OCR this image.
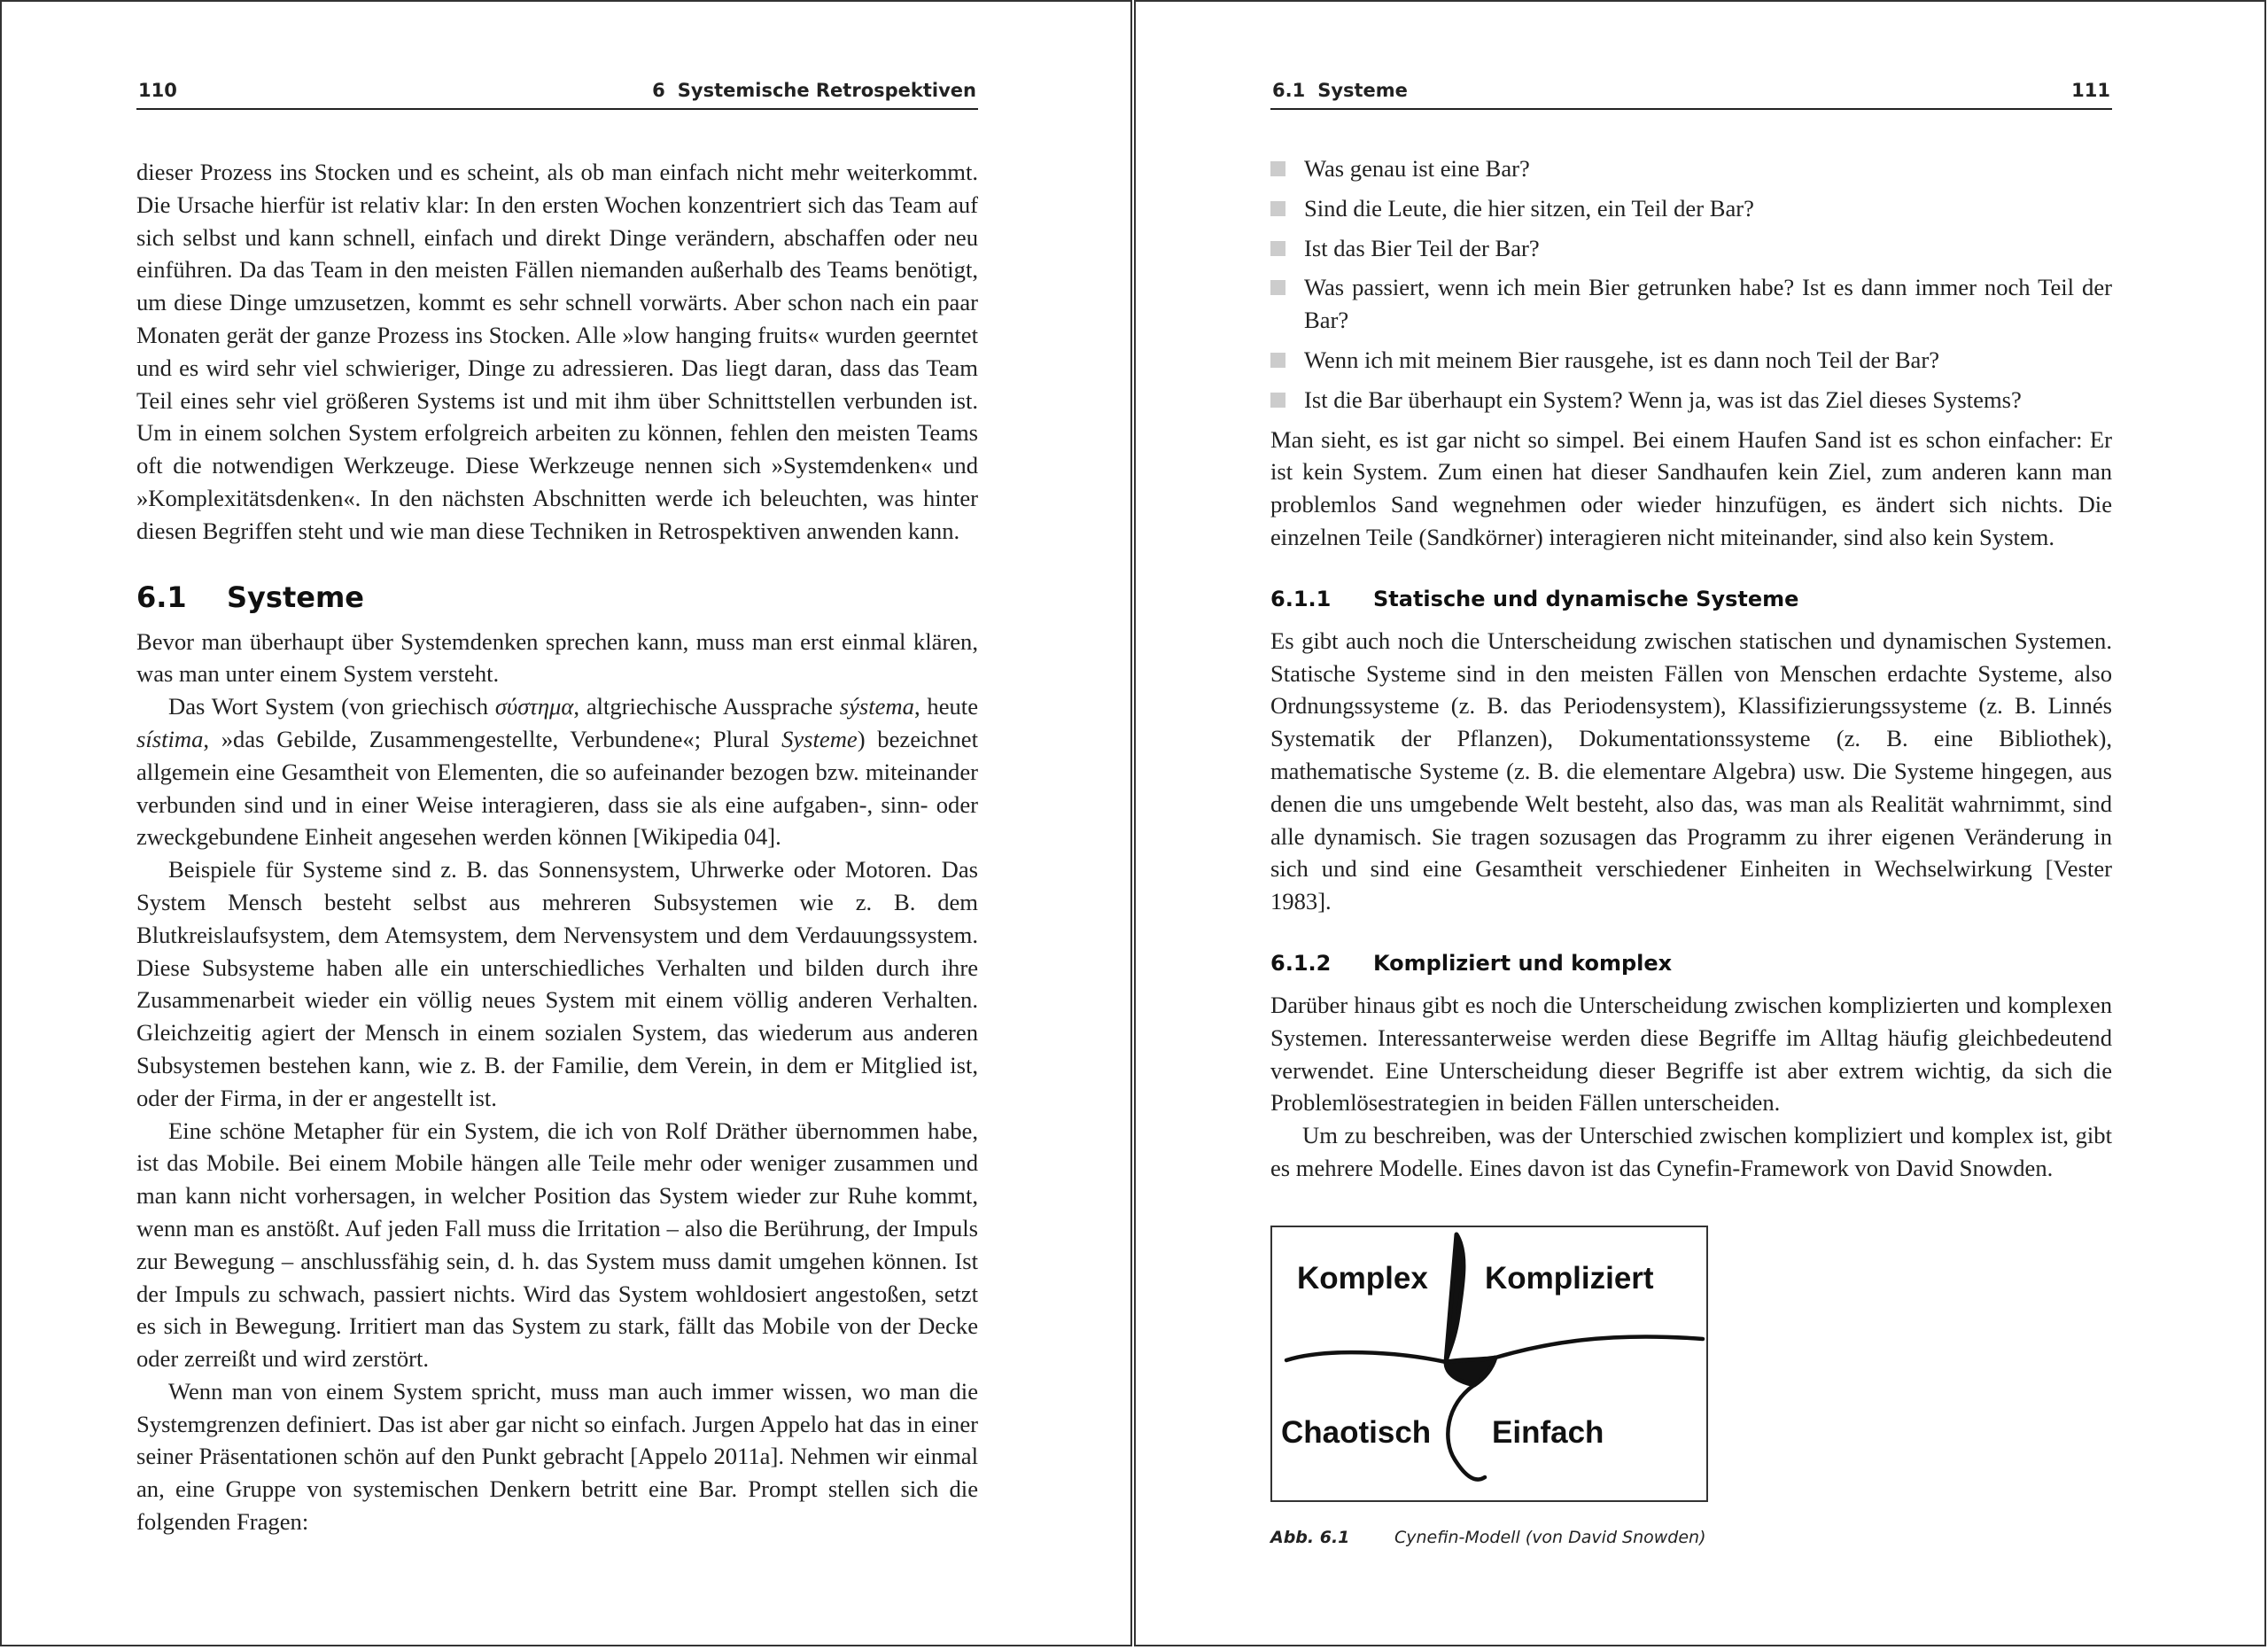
110	6 Systemische Retrospektiven

dieser Prozess ins Stocken und es scheint, als ob man einfach nicht mehr weiterkommt. Die Ursache hierfür ist relativ klar: In den ersten Wochen konzentriert sich das Team auf sich selbst und kann schnell, einfach und direkt Dinge verändern, abschaffen oder neu einführen. Da das Team in den meisten Fällen niemanden außerhalb des Teams benötigt, um diese Dinge umzusetzen, kommt es sehr schnell vorwärts. Aber schon nach ein paar Monaten gerät der ganze Prozess ins Stocken. Alle »low hanging fruits« wurden geerntet und es wird sehr viel schwieriger, Dinge zu adressieren. Das liegt daran, dass das Team Teil eines sehr viel größeren Systems ist und mit ihm über Schnittstellen verbunden ist. Um in einem solchen System erfolgreich arbeiten zu können, fehlen den meisten Teams oft die notwendigen Werkzeuge. Diese Werkzeuge nennen sich »Systemdenken« und »Komplexitätsdenken«. In den nächsten Abschnitten werde ich beleuchten, was hinter diesen Begriffen steht und wie man diese Techniken in Retrospektiven anwenden kann.

6.1 Systeme

Bevor man überhaupt über Systemdenken sprechen kann, muss man erst einmal klären, was man unter einem System versteht.

Das Wort System (von griechisch σύστημα, altgriechische Aussprache sýstema, heute sístima, »das Gebilde, Zusammengestellte, Verbundene«; Plural Systeme) bezeichnet allgemein eine Gesamtheit von Elementen, die so aufeinander bezogen bzw. miteinander verbunden sind und in einer Weise interagieren, dass sie als eine aufgaben-, sinn- oder zweckgebundene Einheit angesehen werden können [Wikipedia 04].

Beispiele für Systeme sind z. B. das Sonnensystem, Uhrwerke oder Motoren. Das System Mensch besteht selbst aus mehreren Subsystemen wie z. B. dem Blutkreislaufsystem, dem Atemsystem, dem Nervensystem und dem Verdauungssystem. Diese Subsysteme haben alle ein unterschiedliches Verhalten und bilden durch ihre Zusammenarbeit wieder ein völlig neues System mit einem völlig anderen Verhalten. Gleichzeitig agiert der Mensch in einem sozialen System, das wiederum aus anderen Subsystemen bestehen kann, wie z. B. der Familie, dem Verein, in dem er Mitglied ist, oder der Firma, in der er angestellt ist.

Eine schöne Metapher für ein System, die ich von Rolf Dräther übernommen habe, ist das Mobile. Bei einem Mobile hängen alle Teile mehr oder weniger zusammen und man kann nicht vorhersagen, in welcher Position das System wieder zur Ruhe kommt, wenn man es anstößt. Auf jeden Fall muss die Irritation – also die Berührung, der Impuls zur Bewegung – anschlussfähig sein, d. h. das System muss damit umgehen können. Ist der Impuls zu schwach, passiert nichts. Wird das System wohldosiert angestoßen, setzt es sich in Bewegung. Irritiert man das System zu stark, fällt das Mobile von der Decke oder zerreißt und wird zerstört.

Wenn man von einem System spricht, muss man auch immer wissen, wo man die Systemgrenzen definiert. Das ist aber gar nicht so einfach. Jurgen Appelo hat das in einer seiner Präsentationen schön auf den Punkt gebracht [Appelo 2011a]. Nehmen wir einmal an, eine Gruppe von systemischen Denkern betritt eine Bar. Prompt stellen sich die folgenden Fragen:

6.1 Systeme	111
Was genau ist eine Bar?
Sind die Leute, die hier sitzen, ein Teil der Bar?
Ist das Bier Teil der Bar?
Was passiert, wenn ich mein Bier getrunken habe? Ist es dann immer noch Teil der Bar?
Wenn ich mit meinem Bier rausgehe, ist es dann noch Teil der Bar?
Ist die Bar überhaupt ein System? Wenn ja, was ist das Ziel dieses Systems?

Man sieht, es ist gar nicht so simpel. Bei einem Haufen Sand ist es schon einfacher: Er ist kein System. Zum einen hat dieser Sandhaufen kein Ziel, zum anderen kann man problemlos Sand wegnehmen oder wieder hinzufügen, es ändert sich nichts. Die einzelnen Teile (Sandkörner) interagieren nicht miteinander, sind also kein System.

6.1.1 Statische und dynamische Systeme

Es gibt auch noch die Unterscheidung zwischen statischen und dynamischen Systemen. Statische Systeme sind in den meisten Fällen von Menschen erdachte Systeme, also Ordnungssysteme (z. B. das Periodensystem), Klassifizierungssysteme (z. B. Linnés Systematik der Pflanzen), Dokumentationssysteme (z. B. eine Bibliothek), mathematische Systeme (z. B. die elementare Algebra) usw. Die Systeme hingegen, aus denen die uns umgebende Welt besteht, also das, was man als Realität wahrnimmt, sind alle dynamisch. Sie tragen sozusagen das Programm zu ihrer eigenen Veränderung in sich und sind eine Gesamtheit verschiedener Einheiten in Wechselwirkung [Vester 1983].

6.1.2 Kompliziert und komplex

Darüber hinaus gibt es noch die Unterscheidung zwischen komplizierten und komplexen Systemen. Interessanterweise werden diese Begriffe im Alltag häufig gleichbedeutend verwendet. Eine Unterscheidung dieser Begriffe ist aber extrem wichtig, da sich die Problemlösestrategien in beiden Fällen unterscheiden.

Um zu beschreiben, was der Unterschied zwischen kompliziert und komplex ist, gibt es mehrere Modelle. Eines davon ist das Cynefin-Framework von David Snowden.

Komplex Kompliziert
Chaotisch Einfach
Abb. 6.1	Cynefin-Modell (von David Snowden)
